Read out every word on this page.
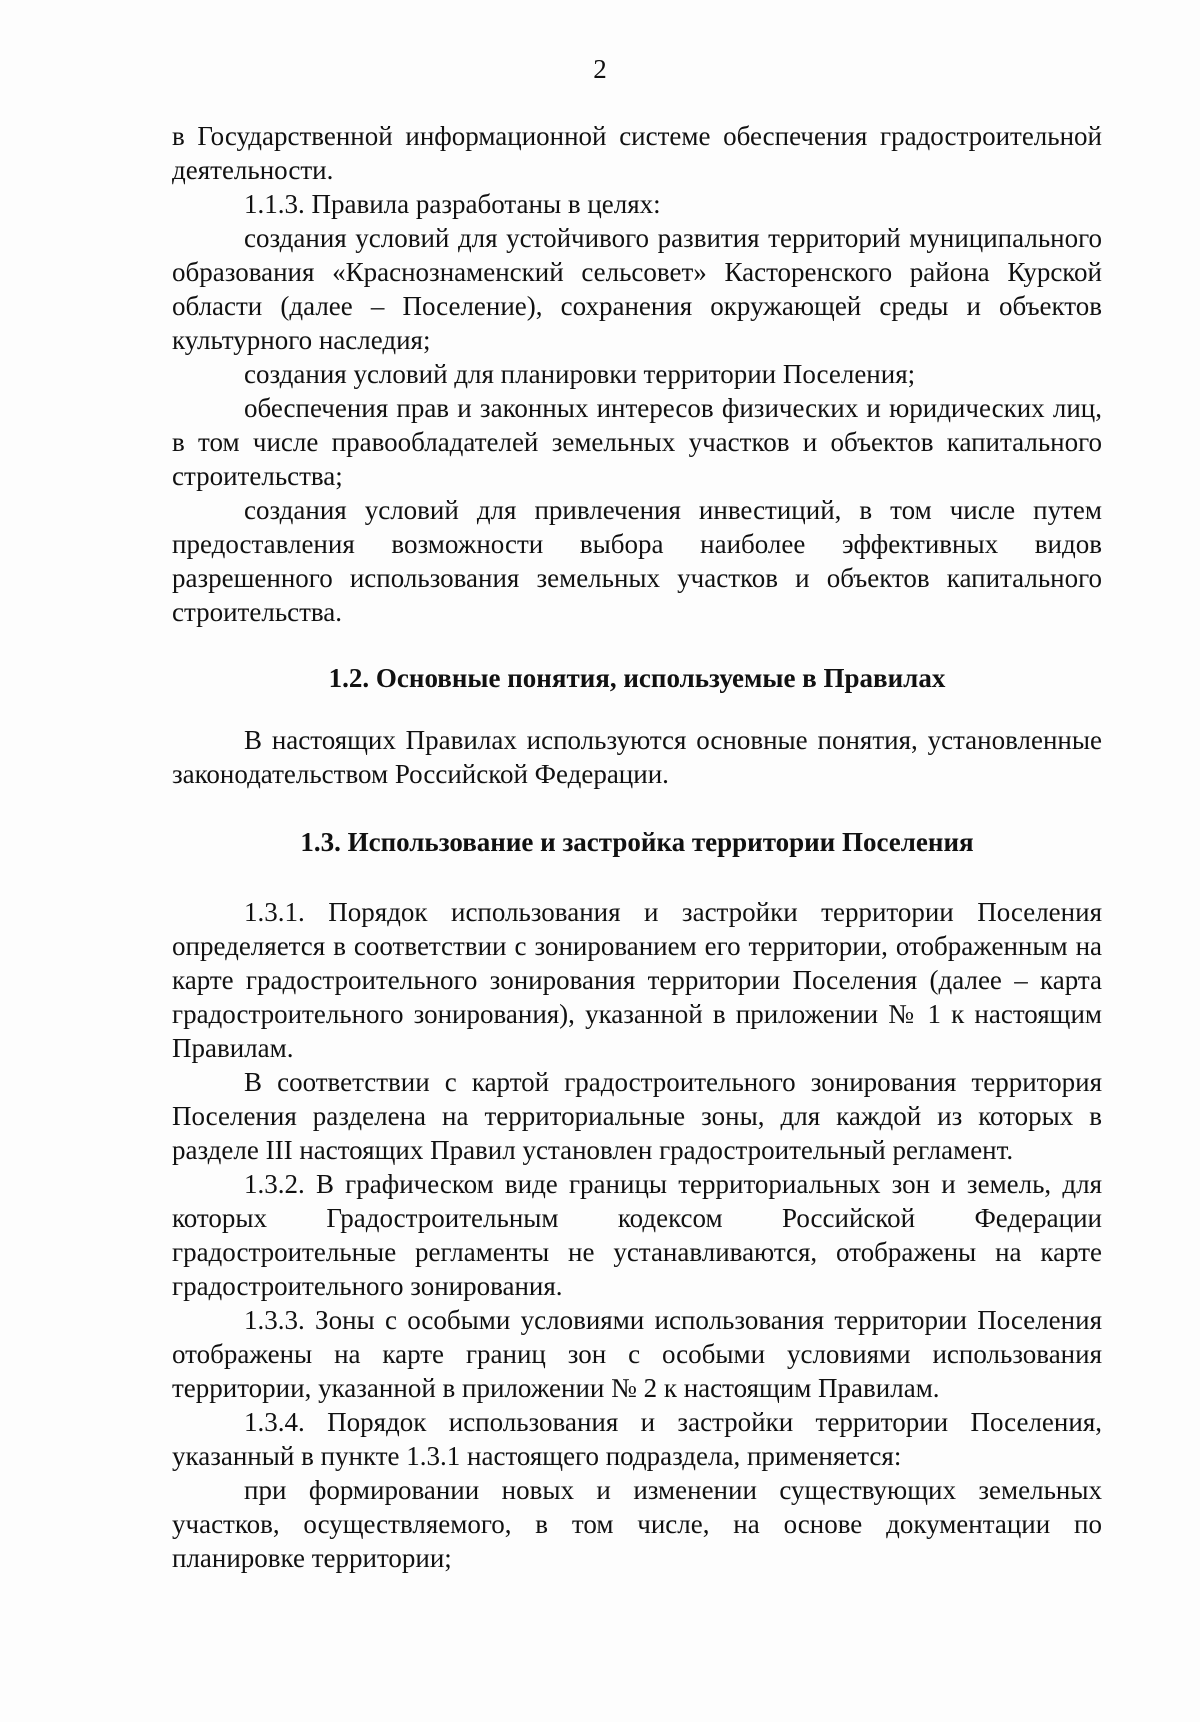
2

в Государственной информационной системе обеспечения градостроительной деятельности.

1.1.3. Правила разработаны в целях:

создания условий для устойчивого развития территорий муниципального образования «Краснознаменский сельсовет» Касторенского района Курской области (далее – Поселение), сохранения окружающей среды и объектов культурного наследия;

создания условий для планировки территории Поселения;

обеспечения прав и законных интересов физических и юридических лиц, в том числе правообладателей земельных участков и объектов капитального строительства;

создания условий для привлечения инвестиций, в том числе путем предоставления возможности выбора наиболее эффективных видов разрешенного использования земельных участков и объектов капитального строительства.

1.2. Основные понятия, используемые в Правилах

В настоящих Правилах используются основные понятия, установленные законодательством Российской Федерации.

1.3. Использование и застройка территории Поселения

1.3.1. Порядок использования и застройки территории Поселения определяется в соответствии с зонированием его территории, отображенным на карте градостроительного зонирования территории Поселения (далее – карта градостроительного зонирования), указанной в приложении № 1 к настоящим Правилам.

В соответствии с картой градостроительного зонирования территория Поселения разделена на территориальные зоны, для каждой из которых в разделе III настоящих Правил установлен градостроительный регламент.

1.3.2. В графическом виде границы территориальных зон и земель, для которых Градостроительным кодексом Российской Федерации градостроительные регламенты не устанавливаются, отображены на карте градостроительного зонирования.

1.3.3. Зоны с особыми условиями использования территории Поселения отображены на карте границ зон с особыми условиями использования территории, указанной в приложении № 2 к настоящим Правилам.

1.3.4. Порядок использования и застройки территории Поселения, указанный в пункте 1.3.1 настоящего подраздела, применяется:

при формировании новых и изменении существующих земельных участков, осуществляемого, в том числе, на основе документации по планировке территории;
